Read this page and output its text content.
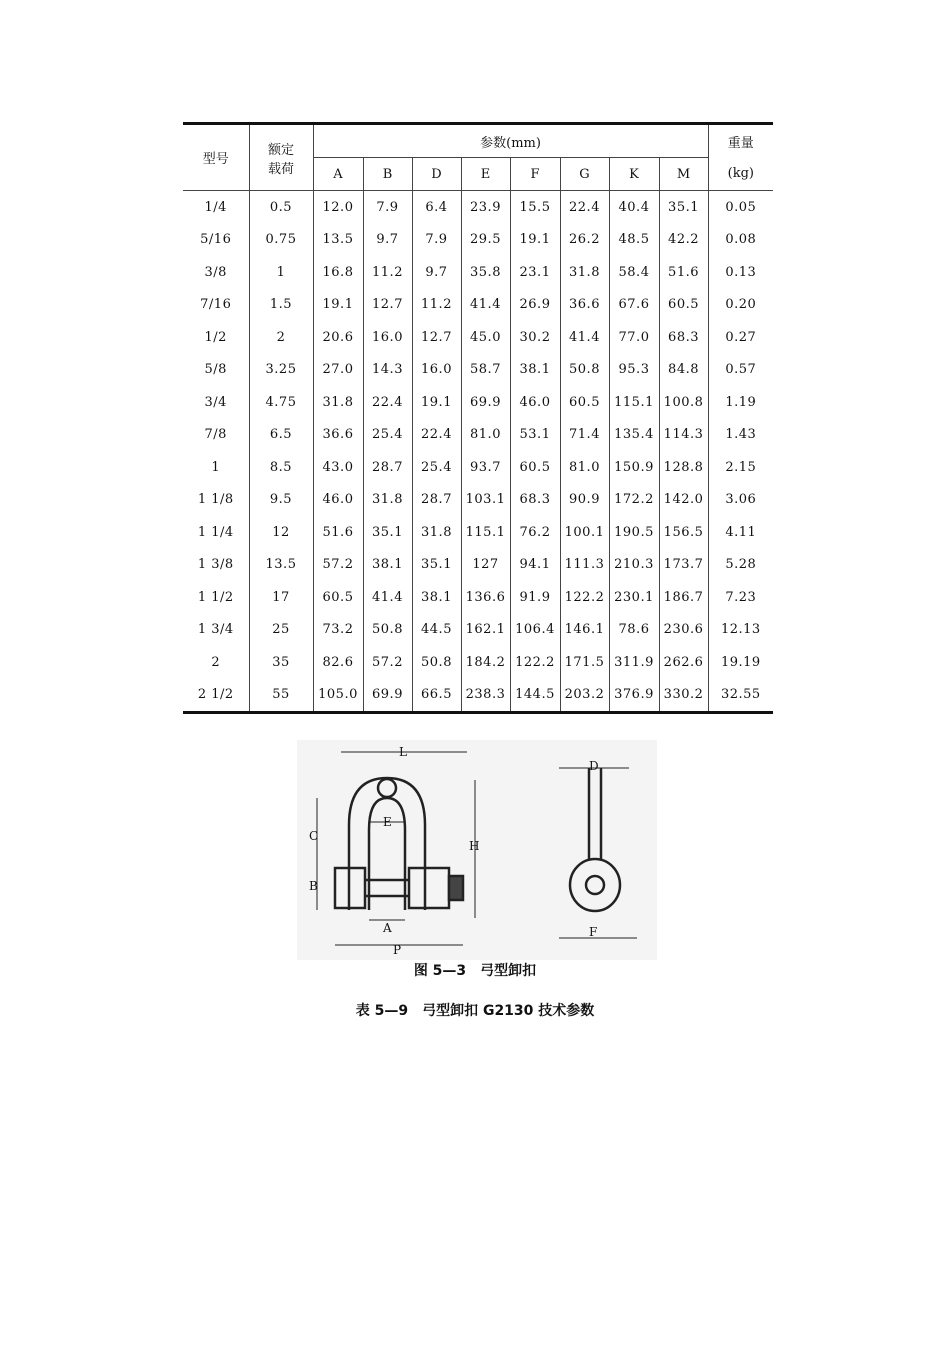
型号	额定载荷	参数(mm)								重量
		A	B	D	E	F	G	K	M	(kg)
1/4	0.5	12.0	7.9	6.4	23.9	15.5	22.4	40.4	35.1	0.05
5/16	0.75	13.5	9.7	7.9	29.5	19.1	26.2	48.5	42.2	0.08
3/8	1	16.8	11.2	9.7	35.8	23.1	31.8	58.4	51.6	0.13
7/16	1.5	19.1	12.7	11.2	41.4	26.9	36.6	67.6	60.5	0.20
1/2	2	20.6	16.0	12.7	45.0	30.2	41.4	77.0	68.3	0.27
5/8	3.25	27.0	14.3	16.0	58.7	38.1	50.8	95.3	84.8	0.57
3/4	4.75	31.8	22.4	19.1	69.9	46.0	60.5	115.1	100.8	1.19
7/8	6.5	36.6	25.4	22.4	81.0	53.1	71.4	135.4	114.3	1.43
1	8.5	43.0	28.7	25.4	93.7	60.5	81.0	150.9	128.8	2.15
1 1/8	9.5	46.0	31.8	28.7	103.1	68.3	90.9	172.2	142.0	3.06
1 1/4	12	51.6	35.1	31.8	115.1	76.2	100.1	190.5	156.5	4.11
1 3/8	13.5	57.2	38.1	35.1	127	94.1	111.3	210.3	173.7	5.28
1 1/2	17	60.5	41.4	38.1	136.6	91.9	122.2	230.1	186.7	7.23
1 3/4	25	73.2	50.8	44.5	162.1	106.4	146.1	78.6	230.6	12.13
2	35	82.6	57.2	50.8	184.2	122.2	171.5	311.9	262.6	19.19
2 1/2	55	105.0	69.9	66.5	238.3	144.5	203.2	376.9	330.2	32.55
L
E
C
B
A
P
H
D
F
图 5—3　弓型卸扣
表 5—9　弓型卸扣 G2130 技术参数
